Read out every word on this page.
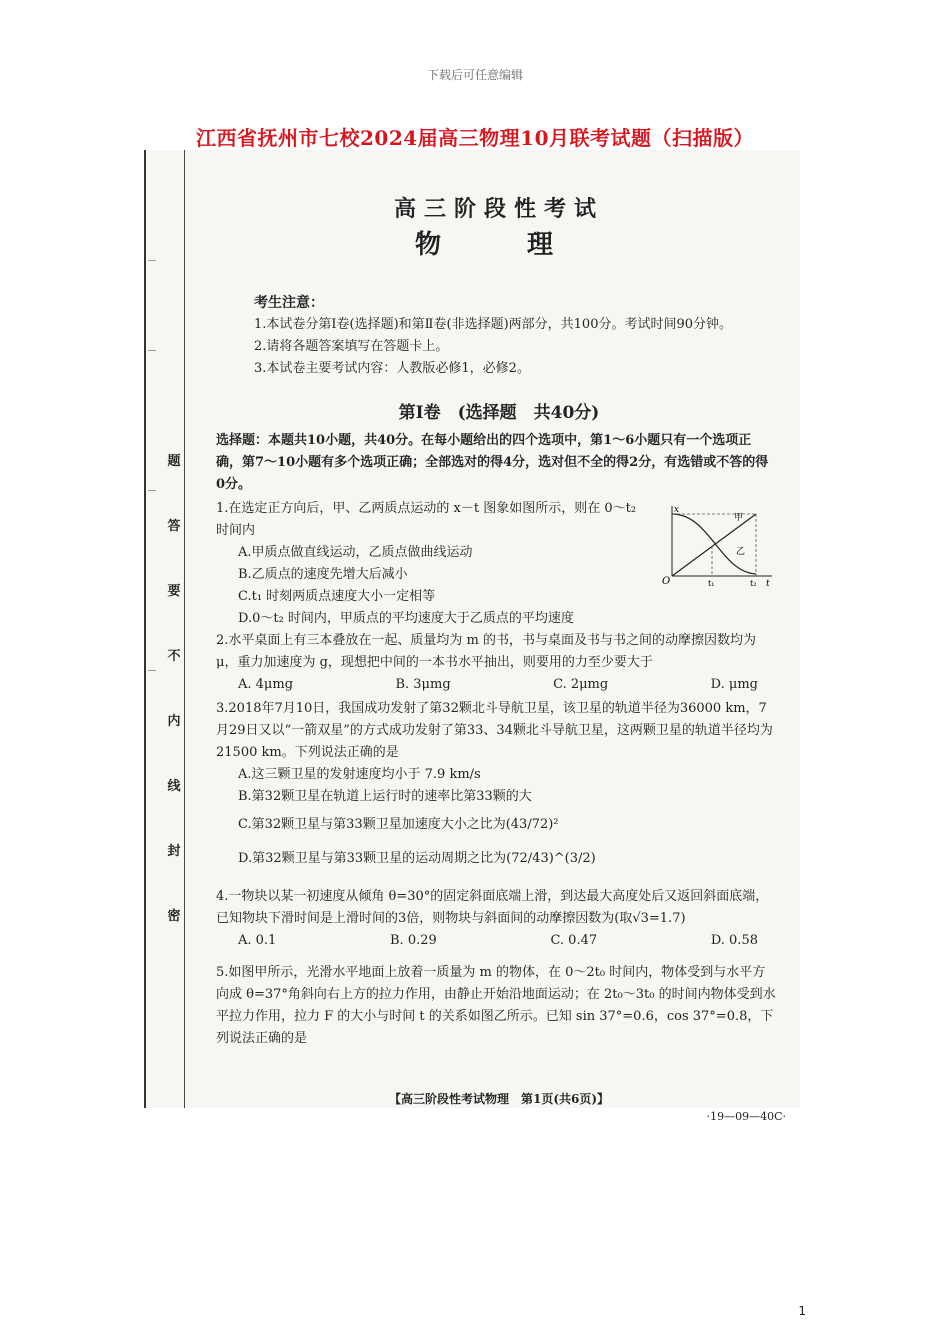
下载后可任意编辑
江西省抚州市七校2024届高三物理10月联考试题（扫描版）
题
答
要
不
内
线
封
密
高三阶段性考试
物　理
考生注意：
1.本试卷分第Ⅰ卷(选择题)和第Ⅱ卷(非选择题)两部分，共100分。考试时间90分钟。
2.请将各题答案填写在答题卡上。
3.本试卷主要考试内容：人教版必修1，必修2。
第Ⅰ卷　(选择题　共40分)
选择题：本题共10小题，共40分。在每小题给出的四个选项中，第1～6小题只有一个选项正确，第7～10小题有多个选项正确；全部选对的得4分，选对但不全的得2分，有选错或不答的得0分。
1.在选定正方向后，甲、乙两质点运动的 x－t 图象如图所示，则在 0～t₂ 时间内
A.甲质点做直线运动，乙质点做曲线运动
B.乙质点的速度先增大后减小
C.t₁ 时刻两质点速度大小一定相等
D.0～t₂ 时间内，甲质点的平均速度大于乙质点的平均速度
O
x
t
t₁	t₂
甲
乙
2.水平桌面上有三本叠放在一起、质量均为 m 的书，书与桌面及书与书之间的动摩擦因数均为 μ，重力加速度为 g，现想把中间的一本书水平抽出，则要用的力至少要大于
A. 4μmg	B. 3μmg	C. 2μmg	D. μmg
3.2018年7月10日，我国成功发射了第32颗北斗导航卫星，该卫星的轨道半径为36000 km，7月29日又以“一箭双星”的方式成功发射了第33、34颗北斗导航卫星，这两颗卫星的轨道半径均为21500 km。下列说法正确的是
A.这三颗卫星的发射速度均小于 7.9 km/s
B.第32颗卫星在轨道上运行时的速率比第33颗的大
C.第32颗卫星与第33颗卫星加速度大小之比为(43/72)²
D.第32颗卫星与第33颗卫星的运动周期之比为(72/43)^(3/2)
4.一物块以某一初速度从倾角 θ=30°的固定斜面底端上滑，到达最大高度处后又返回斜面底端，已知物块下滑时间是上滑时间的3倍，则物块与斜面间的动摩擦因数为(取√3=1.7)
A. 0.1	B. 0.29	C. 0.47	D. 0.58
5.如图甲所示，光滑水平地面上放着一质量为 m 的物体，在 0～2t₀ 时间内，物体受到与水平方向成 θ=37°角斜向右上方的拉力作用，由静止开始沿地面运动；在 2t₀～3t₀ 的时间内物体受到水平拉力作用，拉力 F 的大小与时间 t 的关系如图乙所示。已知 sin 37°=0.6，cos 37°=0.8，下列说法正确的是
【高三阶段性考试物理　第1页(共6页)】
·19—09—40C·
1
